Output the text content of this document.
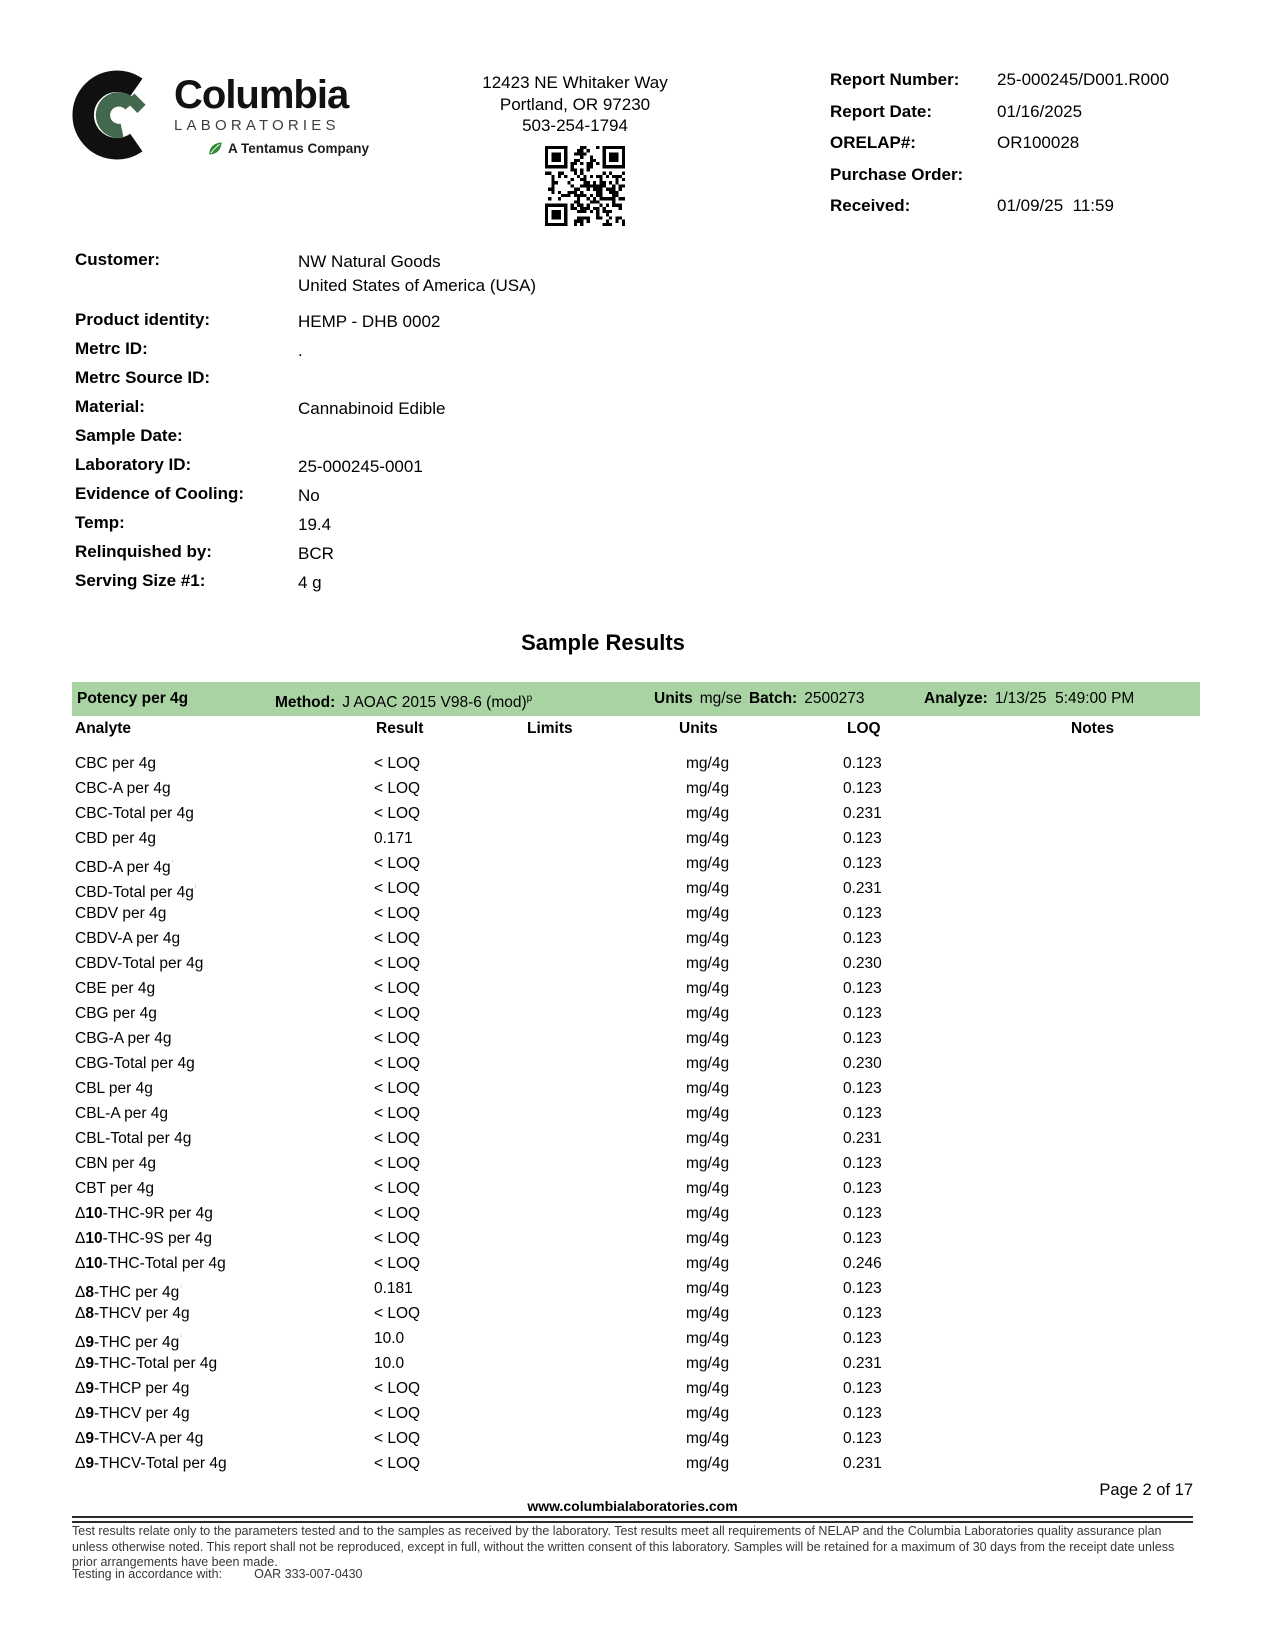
Columbia
LABORATORIES
A Tentamus Company
12423 NE Whitaker Way
Portland, OR 97230
503-254-1794
Report Number:	25-000245/D001.R000
Report Date:	01/16/2025
ORELAP#:	OR100028
Purchase Order:
Received:	01/09/25  11:59
Customer:	NW Natural Goods
United States of America (USA)
Product identity:	HEMP - DHB 0002
Metrc ID:	.
Metrc Source ID:
Material:	Cannabinoid Edible
Sample Date:
Laboratory ID:	25-000245-0001
Evidence of Cooling:	No
Temp:	19.4
Relinquished by:	BCR
Serving Size #1:	4 g
Sample Results
Potency per 4g	Method: J AOAC 2015 V98-6 (mod)$^p$	Units mg/se Batch: 2500273	Analyze: 1/13/25  5:49:00 PM
Analyte	Result	Limits	Units	LOQ	Notes
CBC per 4g	< LOQ	mg/4g	0.123
CBC-A per 4g	< LOQ	mg/4g	0.123
CBC-Total per 4g	< LOQ	mg/4g	0.231
CBD per 4g	0.171	mg/4g	0.123
CBD-A per $4g^{^i}$	< LOQ	mg/4g	0.123
CBD-Total per $4g^{^i}$	< LOQ	mg/4g	0.231
CBDV per 4g	< LOQ	mg/4g	0.123
CBDV-A per 4g	< LOQ	mg/4g	0.123
CBDV-Total per 4g	< LOQ	mg/4g	0.230
CBE per 4g	< LOQ	mg/4g	0.123
CBG per 4g	< LOQ	mg/4g	0.123
CBG-A per 4g	< LOQ	mg/4g	0.123
CBG-Total per 4g	< LOQ	mg/4g	0.230
CBL per 4g	< LOQ	mg/4g	0.123
CBL-A per 4g	< LOQ	mg/4g	0.123
CBL-Total per 4g	< LOQ	mg/4g	0.231
CBN per 4g	< LOQ	mg/4g	0.123
CBT per 4g	< LOQ	mg/4g	0.123
Δ10-THC-9R per 4g	< LOQ	mg/4g	0.123
Δ10-THC-9S per 4g	< LOQ	mg/4g	0.123
Δ10-THC-Total per 4g	< LOQ	mg/4g	0.246
Δ8-THC per $4g^{^i}$	0.181	mg/4g	0.123
Δ8-THCV per 4g	< LOQ	mg/4g	0.123
Δ9-THC per $4g^{^i}$	10.0	mg/4g	0.123
Δ9-THC-Total per 4g	10.0	mg/4g	0.231
Δ9-THCP per 4g	< LOQ	mg/4g	0.123
Δ9-THCV per 4g	< LOQ	mg/4g	0.123
Δ9-THCV-A per 4g	< LOQ	mg/4g	0.123
Δ9-THCV-Total per 4g	< LOQ	mg/4g	0.231
Page 2 of 17
www.columbialaboratories.com
Test results relate only to the parameters tested and to the samples as received by the laboratory. Test results meet all requirements of NELAP and the Columbia Laboratories quality assurance plan unless otherwise noted. This report shall not be reproduced, except in full, without the written consent of this laboratory. Samples will be retained for a maximum of 30 days from the receipt date unless prior arrangements have been made.
Testing in accordance with:	OAR 333-007-0430
